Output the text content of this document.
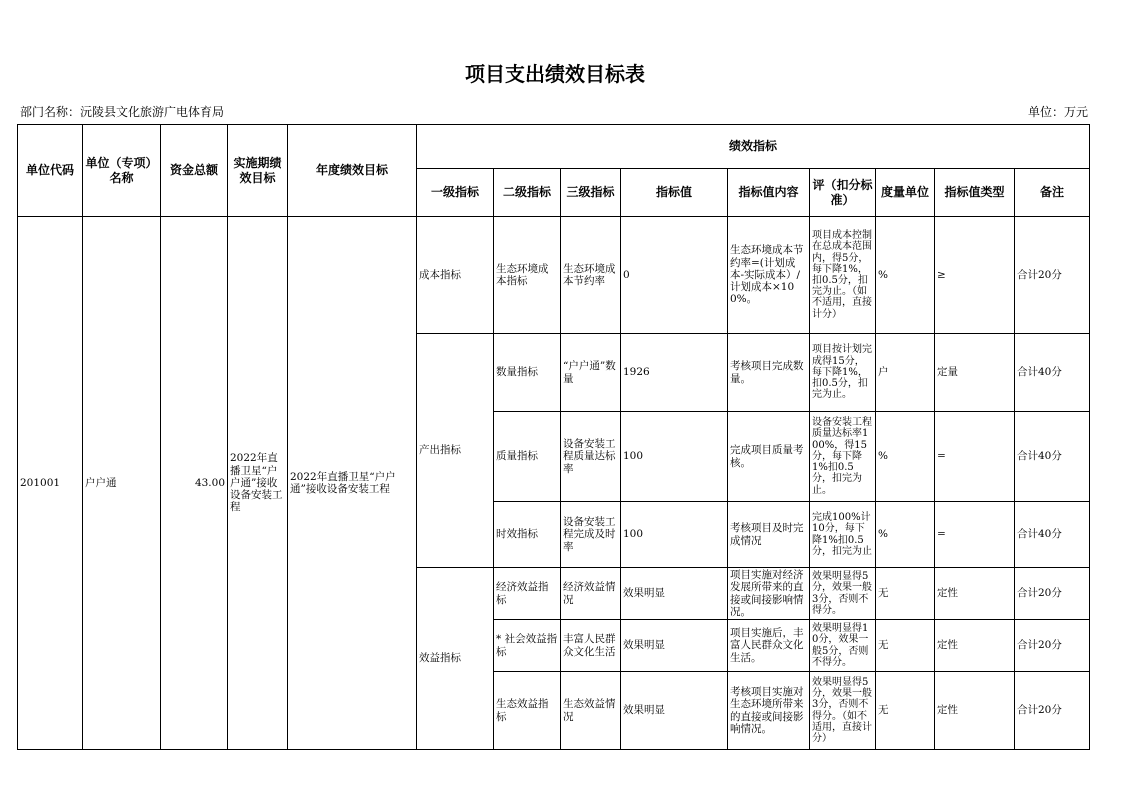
项目支出绩效目标表
部门名称：沅陵县文化旅游广电体育局	单位：万元
单位代码	单位（专项）名称	资金总额	实施期绩效目标	年度绩效目标	绩效指标								
					一级指标	二级指标	三级指标	指标值	指标值内容	评（扣分标准）	度量单位	指标值类型	备注
201001	户户通	43.00	2022年直播卫星“户户通”接收设备安装工程	2022年直播卫星“户户通”接收设备安装工程	成本指标	生态环境成本指标	生态环境成本节约率	0	生态环境成本节约率=(计划成本-实际成本）/计划成本×100%。	项目成本控制在总成本范围内，得5分，每下降1%，扣0.5分，扣完为止。（如不适用，直接计分）	%	≥	合计20分
					产出指标	数量指标	“户户通”数量	1926	考核项目完成数量。	项目按计划完成得15分，每下降1%，扣0.5分，扣完为止。	户	定量	合计40分
						质量指标	设备安装工程质量达标率	100	完成项目质量考核。	设备安装工程质量达标率100%，得15分，每下降1%扣0.5分，扣完为止。	%	=	合计40分
						时效指标	设备安装工程完成及时率	100	考核项目及时完成情况	完成100%计10分，每下降1%扣0.5分，扣完为止	%	=	合计40分
					效益指标	经济效益指标	经济效益情况	效果明显	项目实施对经济发展所带来的直接或间接影响情况。	效果明显得5分，效果一般3分，否则不得分。	无	定性	合计20分
						* 社会效益指标	丰富人民群众文化生活	效果明显	项目实施后，丰富人民群众文化生活。	效果明显得10分，效果一般5分，否则不得分。	无	定性	合计20分
						生态效益指标	生态效益情况	效果明显	考核项目实施对生态环境所带来的直接或间接影响情况。	效果明显得5分，效果一般3分，否则不得分。（如不适用，直接计分）	无	定性	合计20分
